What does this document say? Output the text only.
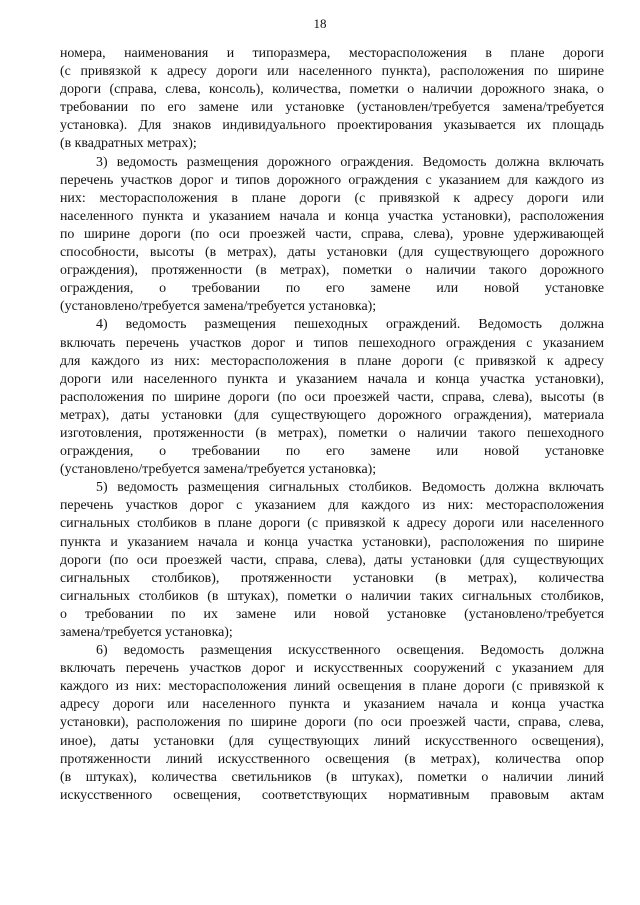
18
номера, наименования и типоразмера, месторасположения в плане дороги
(с привязкой к адресу дороги или населенного пункта), расположения по ширине
дороги (справа, слева, консоль), количества, пометки о наличии дорожного знака, о
требовании по его замене или установке (установлен/требуется замена/требуется
установка). Для знаков индивидуального проектирования указывается их площадь
(в квадратных метрах);
3) ведомость размещения дорожного ограждения. Ведомость должна включать
перечень участков дорог и типов дорожного ограждения с указанием для каждого из
них: месторасположения в плане дороги (с привязкой к адресу дороги или
населенного пункта и указанием начала и конца участка установки), расположения
по ширине дороги (по оси проезжей части, справа, слева), уровне удерживающей
способности, высоты (в метрах), даты установки (для существующего дорожного
ограждения), протяженности (в метрах), пометки о наличии такого дорожного
ограждения, о требовании по его замене или новой установке
(установлено/требуется замена/требуется установка);
4) ведомость размещения пешеходных ограждений. Ведомость должна
включать перечень участков дорог и типов пешеходного ограждения с указанием
для каждого из них: месторасположения в плане дороги (с привязкой к адресу
дороги или населенного пункта и указанием начала и конца участка установки),
расположения по ширине дороги (по оси проезжей части, справа, слева), высоты (в
метрах), даты установки (для существующего дорожного ограждения), материала
изготовления, протяженности (в метрах), пометки о наличии такого пешеходного
ограждения, о требовании по его замене или новой установке
(установлено/требуется замена/требуется установка);
5) ведомость размещения сигнальных столбиков. Ведомость должна включать
перечень участков дорог с указанием для каждого из них: месторасположения
сигнальных столбиков в плане дороги (с привязкой к адресу дороги или населенного
пункта и указанием начала и конца участка установки), расположения по ширине
дороги (по оси проезжей части, справа, слева), даты установки (для существующих
сигнальных столбиков), протяженности установки (в метрах), количества
сигнальных столбиков (в штуках), пометки о наличии таких сигнальных столбиков,
о требовании по их замене или новой установке (установлено/требуется
замена/требуется установка);
6) ведомость размещения искусственного освещения. Ведомость должна
включать перечень участков дорог и искусственных сооружений с указанием для
каждого из них: месторасположения линий освещения в плане дороги (с привязкой к
адресу дороги или населенного пункта и указанием начала и конца участка
установки), расположения по ширине дороги (по оси проезжей части, справа, слева,
иное), даты установки (для существующих линий искусственного освещения),
протяженности линий искусственного освещения (в метрах), количества опор
(в штуках), количества светильников (в штуках), пометки о наличии линий
искусственного освещения, соответствующих нормативным правовым актам
